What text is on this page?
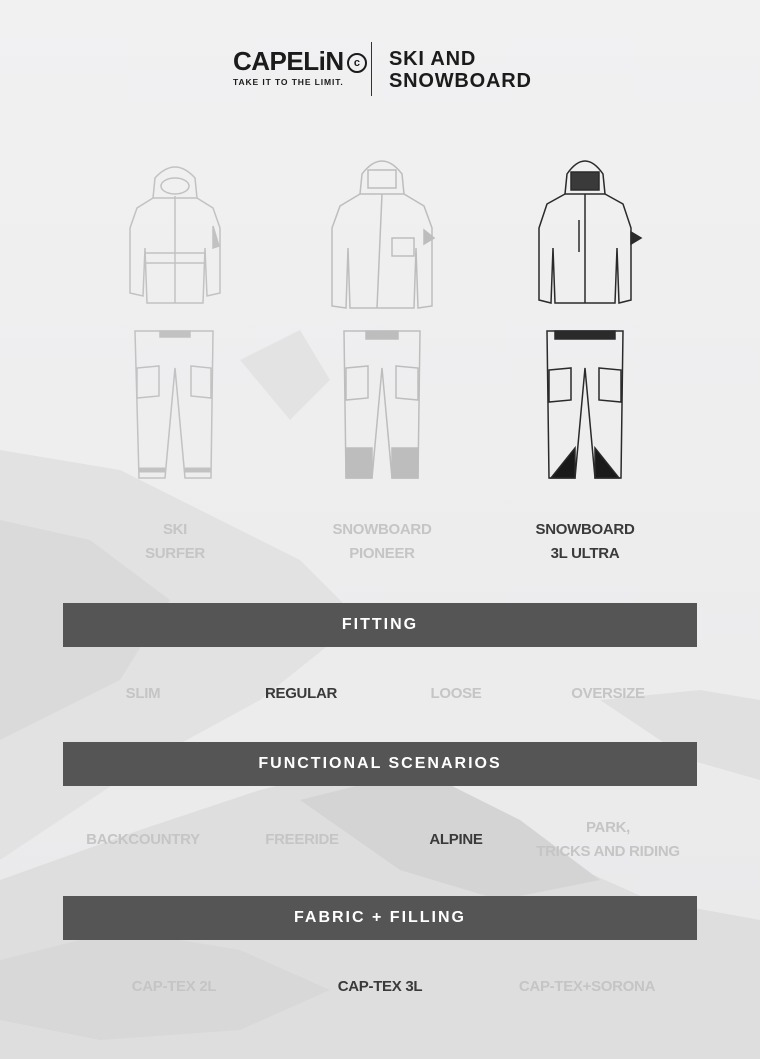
CAPELiN c
TAKE IT TO THE LIMIT.
SKI AND
SNOWBOARD
SKI
SURFER
SNOWBOARD
PIONEER
SNOWBOARD
3L ULTRA
FITTING
SLIM	REGULAR	LOOSE	OVERSIZE
FUNCTIONAL SCENARIOS
BACKCOUNTRY	FREERIDE	ALPINE
PARK,
TRICKS AND RIDING
FABRIC + FILLING
CAP-TEX 2L	CAP-TEX 3L	CAP-TEX+SORONA
